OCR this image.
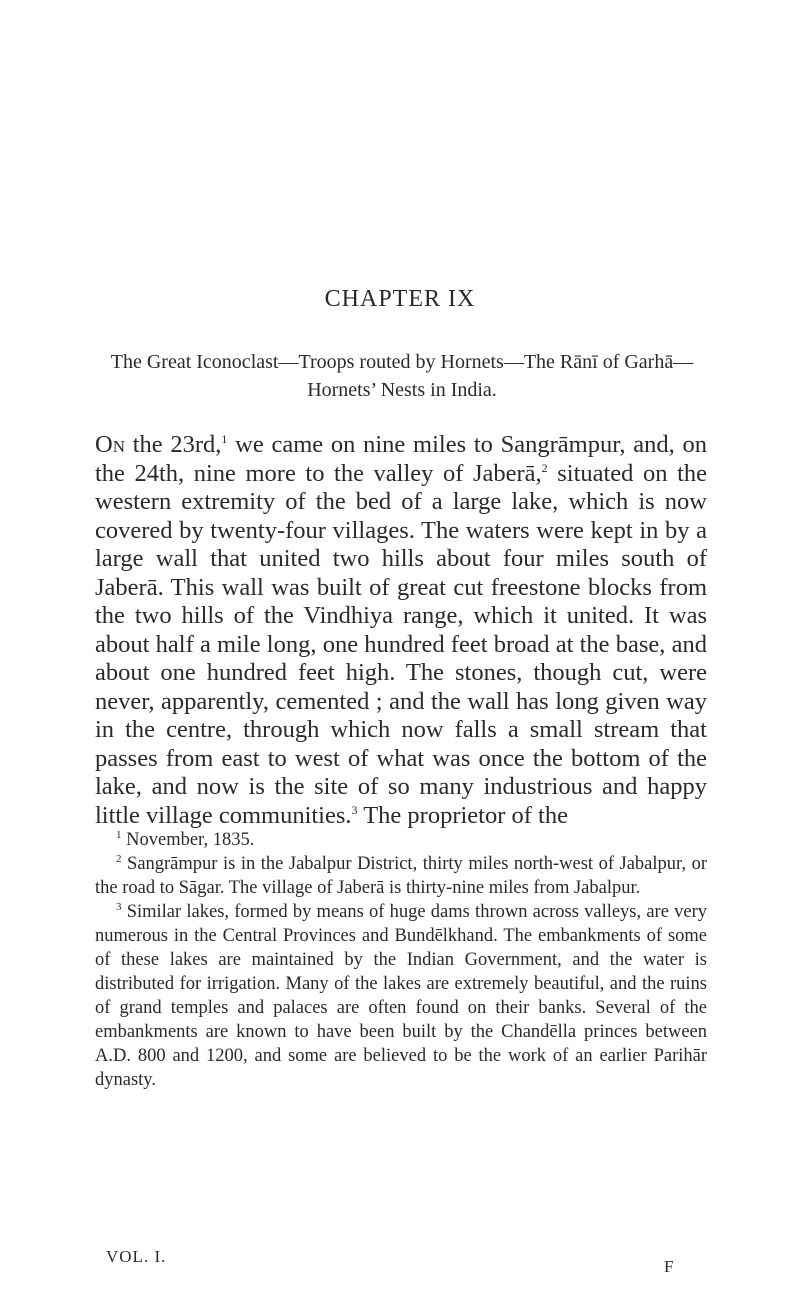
CHAPTER IX
The Great Iconoclast—Troops routed by Hornets—The Rānī of Garhā—Hornets’ Nests in India.
On the 23rd,$^1$ we came on nine miles to Sangrāmpur, and, on the 24th, nine more to the valley of Jaberā,$^2$ situated on the western extremity of the bed of a large lake, which is now covered by twenty-four villages. The waters were kept in by a large wall that united two hills about four miles south of Jaberā. This wall was built of great cut freestone blocks from the two hills of the Vindhiya range, which it united. It was about half a mile long, one hundred feet broad at the base, and about one hundred feet high. The stones, though cut, were never, apparently, cemented ; and the wall has long given way in the centre, through which now falls a small stream that passes from east to west of what was once the bottom of the lake, and now is the site of so many industrious and happy little village communities.$^3$ The proprietor of the

$^1$ November, 1835.

$^2$ Sangrāmpur is in the Jabalpur District, thirty miles north-west of Jabalpur, or the road to Sāgar. The village of Jaberā is thirty-nine miles from Jabalpur.

$^3$ Similar lakes, formed by means of huge dams thrown across valleys, are very numerous in the Central Provinces and Bundēlkhand. The embankments of some of these lakes are maintained by the Indian Government, and the water is distributed for irrigation. Many of the lakes are extremely beautiful, and the ruins of grand temples and palaces are often found on their banks. Several of the embankments are known to have been built by the Chandēlla princes between A.D. 800 and 1200, and some are believed to be the work of an earlier Parihār dynasty.

VOL. I.
F
